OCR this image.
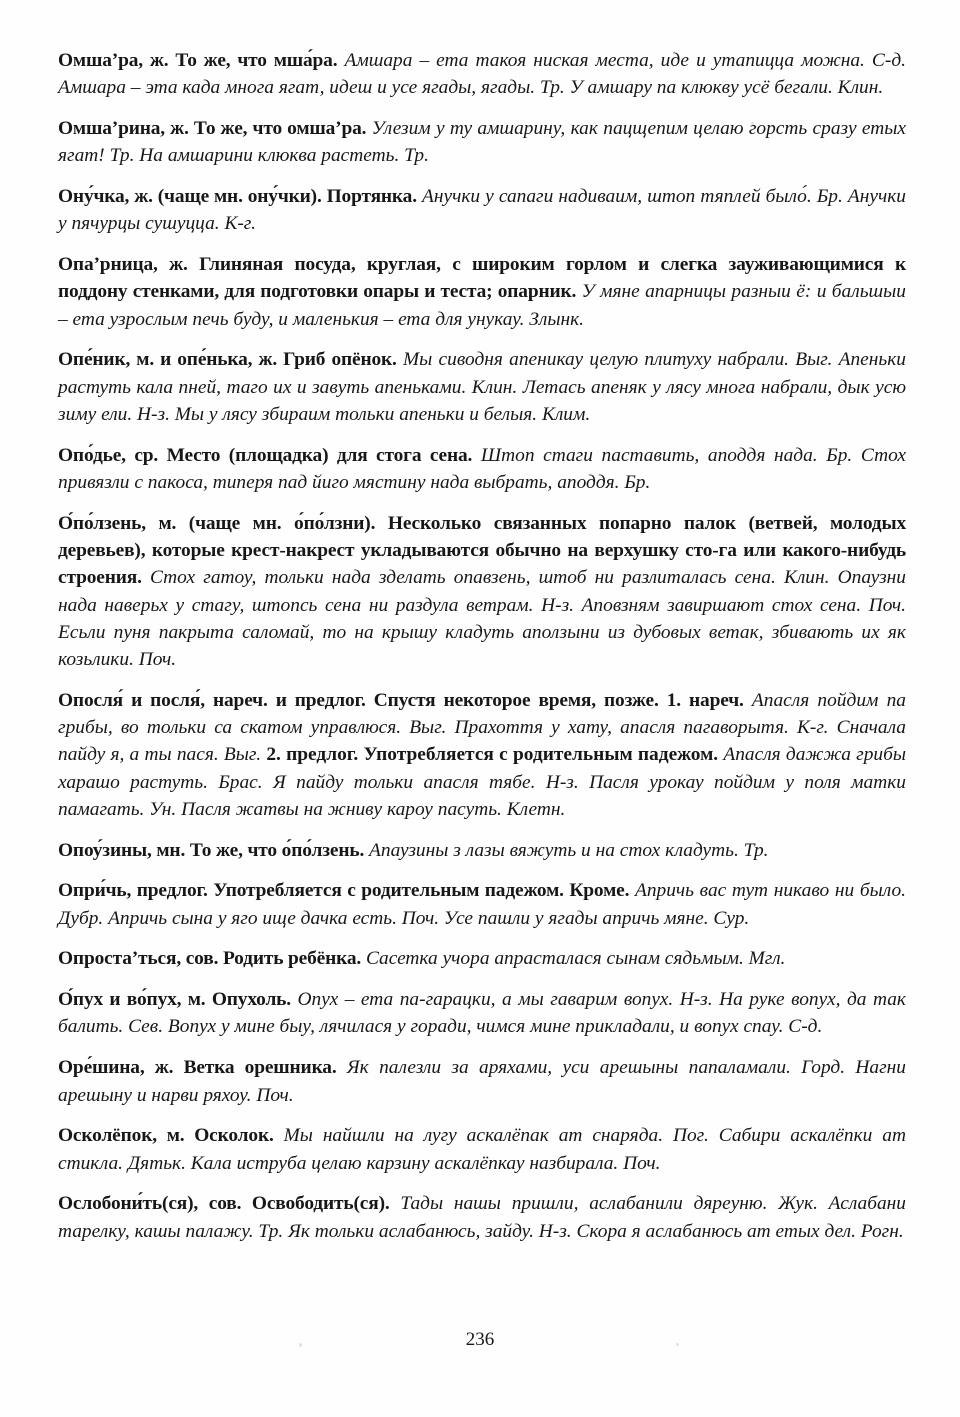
Омша’ра, ж. То же, что мша́ра. Амшара – ета такоя ниская места, иде и утапицца можна. С-д. Амшара – эта када многа ягат, идеш и усе ягады, ягады. Тр. У амшару па клюкву усё бегали. Клин.

Омша’рина, ж. То же, что омша’ра. Улезим у ту амшарину, как пацщепим целаю горсть сразу етых ягат! Тр. На амшарини клюква растеть. Тр.

Ону́чка, ж. (чаще мн. ону́чки). Портянка. Анучки у сапаги надиваим, штоп тяплей было́. Бр. Анучки у пячурцы сушуцца. К-г.

Опа’рница, ж. Глиняная посуда, круглая, с широким горлом и слегка зауживающимися к поддону стенками, для подготовки опары и теста; опарник. У мяне апарницы разныи ё: и бальшыи – ета узрослым печь буду, и маленькия – ета для унукау. Злынк.

Опе́ник, м. и опе́нька, ж. Гриб опёнок. Мы сиводня апеникау целую плитуху набрали. Выг. Апеньки растуть кала пней, таго их и завуть апеньками. Клин. Летась апеняк у лясу многа набрали, дык усю зиму ели. Н-з. Мы у лясу збираим тольки апеньки и белыя. Клим.

Опо́дье, ср. Место (площадка) для стога сена. Штоп стаги паставить, аподдя нада. Бр. Стох привязли с пакоса, типеря пад йиго мястину нада выбрать, аподдя. Бр.

О́по́лзень, м. (чаще мн. о́по́лзни). Несколько связанных попарно палок (ветвей, молодых деревьев), которые крест-накрест укладываются обычно на верхушку сто-га или какого-нибудь строения. Стох гатоу, тольки нада зделать опавзень, штоб ни разлиталась сена. Клин. Опаузни нада наверьх у стагу, штопсь сена ни раздула ветрам. Н-з. Аповзням завиршают стох сена. Поч. Есьли пуня пакрыта саломай, то на крышу кладуть аползыни из дубовых ветак, збивають их як козьлики. Поч.

Опосля́ и посля́, нареч. и предлог. Спустя некоторое время, позже. 1. нареч. Апасля пойдим па грибы, во тольки са скатом управлюся. Выг. Прахоття у хату, апасля пагаворытя. К-г. Сначала пайду я, а ты пася. Выг. 2. предлог. Употребляется с родительным падежом. Апасля дажжа грибы харашо растуть. Брас. Я пайду тольки апасля тябе. Н-з. Пасля урокау пойдим у поля матки памагать. Ун. Пасля жатвы на жниву кароу пасуть. Клетн.

Опоу́зины, мн. То же, что о́по́лзень. Апаузины з лазы вяжуть и на стох кладуть. Тр.

Опри́чь, предлог. Употребляется с родительным падежом. Кроме. Апричь вас тут никаво ни было. Дубр. Апричь сына у яго ище дачка есть. Поч. Усе пашли у ягады апричь мяне. Сур.

Опроста’ться, сов. Родить ребёнка. Сасетка учора апрасталася сынам сядьмым. Мгл.

О́пух и во́пух, м. Опухоль. Опух – ета па-гарацки, а мы гаварим вопух. Н-з. На руке вопух, да так балить. Сев. Вопух у мине быу, лячилася у горади, чимся мине прикладали, и вопух спау. С-д.

Оре́шина, ж. Ветка орешника. Як палезли за аряхами, уси арешыны папаламали. Горд. Нагни арешыну и нарви ряхоу. Поч.

Осколёпок, м. Осколок. Мы найшли на лугу аскалёпак ат снаряда. Пог. Сабири аскалёпки ат стикла. Дятьк. Кала иструба целаю карзину аскалёпкау назбирала. Поч.

Ослобони́ть(ся), сов. Освободить(ся). Тады нашы пришли, аслабанили дяреуню. Жук. Аслабани тарелку, кашы палажу. Тр. Як тольки аслабанюсь, зайду. Н-з. Скора я аслабанюсь ат етых дел. Рогн.

236
